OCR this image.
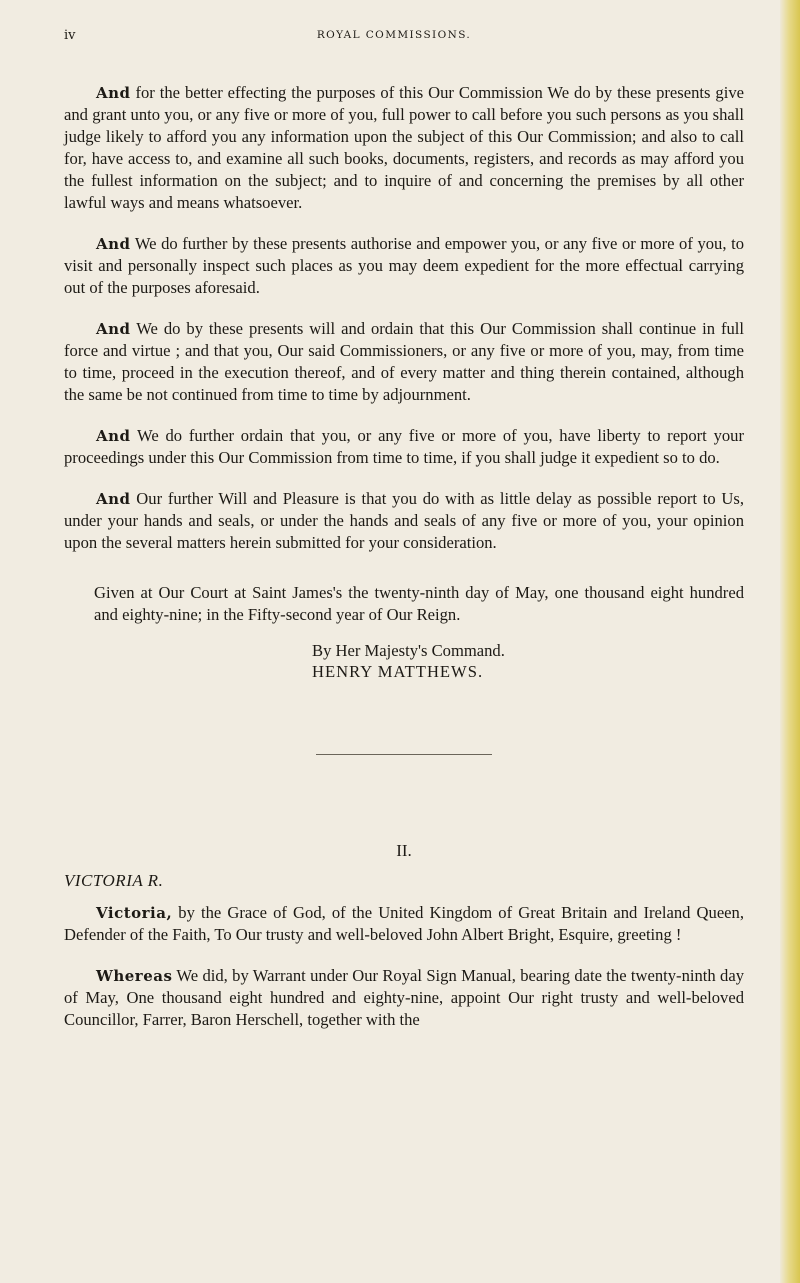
iv	ROYAL COMMISSIONS.

And for the better effecting the purposes of this Our Commission We do by these presents give and grant unto you, or any five or more of you, full power to call before you such persons as you shall judge likely to afford you any information upon the subject of this Our Commission; and also to call for, have access to, and examine all such books, documents, registers, and records as may afford you the fullest information on the subject; and to inquire of and concerning the premises by all other lawful ways and means whatsoever.

And We do further by these presents authorise and empower you, or any five or more of you, to visit and personally inspect such places as you may deem expedient for the more effectual carrying out of the purposes aforesaid.

And We do by these presents will and ordain that this Our Commission shall continue in full force and virtue ; and that you, Our said Commissioners, or any five or more of you, may, from time to time, proceed in the execution thereof, and of every matter and thing therein contained, although the same be not continued from time to time by adjournment.

And We do further ordain that you, or any five or more of you, have liberty to report your proceedings under this Our Commission from time to time, if you shall judge it expedient so to do.

And Our further Will and Pleasure is that you do with as little delay as possible report to Us, under your hands and seals, or under the hands and seals of any five or more of you, your opinion upon the several matters herein submitted for your consideration.

Given at Our Court at Saint James's the twenty-ninth day of May, one thousand eight hundred and eighty-nine; in the Fifty-second year of Our Reign.
By Her Majesty's Command.
HENRY MATTHEWS.
II.
VICTORIA R.

Victoria, by the Grace of God, of the United Kingdom of Great Britain and Ireland Queen, Defender of the Faith, To Our trusty and well-beloved John Albert Bright, Esquire, greeting !

Whereas We did, by Warrant under Our Royal Sign Manual, bearing date the twenty-ninth day of May, One thousand eight hundred and eighty-nine, appoint Our right trusty and well-beloved Councillor, Farrer, Baron Herschell, together with the
